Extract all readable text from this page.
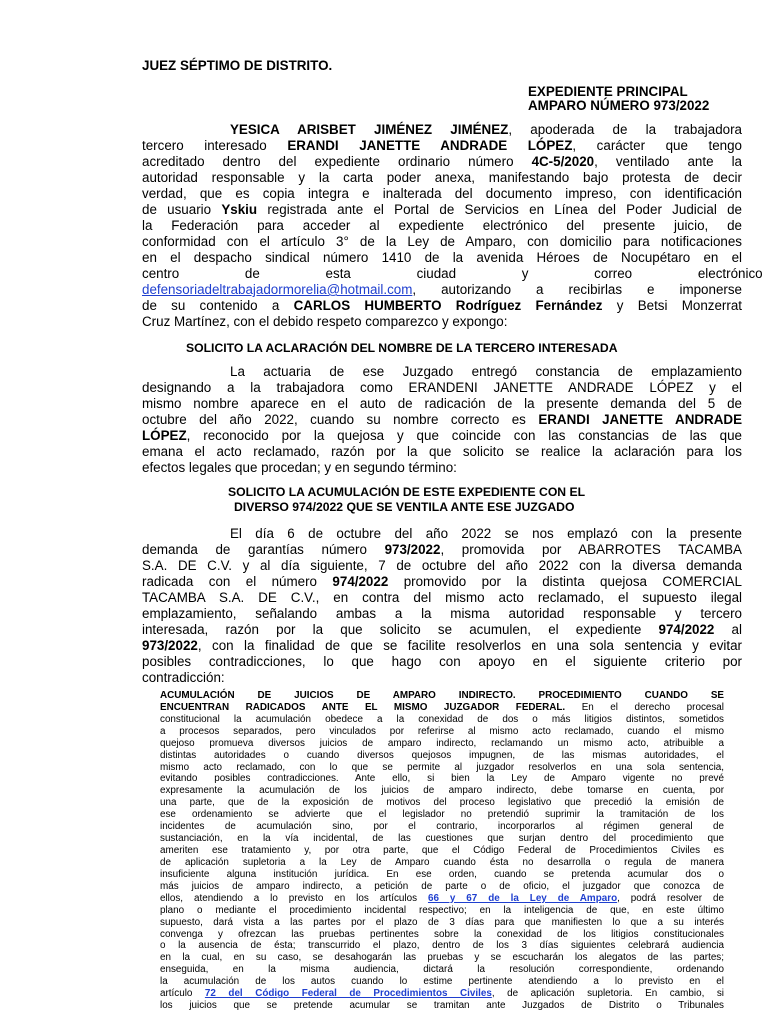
JUEZ SÉPTIMO DE DISTRITO.
EXPEDIENTE PRINCIPAL
AMPARO NÚMERO 973/2022
YESICA ARISBET JIMÉNEZ JIMÉNEZ, apoderada de la trabajadora
tercero interesado ERANDI JANETTE ANDRADE LÓPEZ, carácter que tengo
acreditado dentro del expediente ordinario número 4C-5/2020, ventilado ante la
autoridad responsable y la carta poder anexa, manifestando bajo protesta de decir
verdad, que es copia integra e inalterada del documento impreso, con identificación
de usuario Yskiu registrada ante el Portal de Servicios en Línea del Poder Judicial de
la Federación para acceder al expediente electrónico del presente juicio, de
conformidad con el artículo 3° de la Ley de Amparo, con domicilio para notificaciones
en el despacho sindical número 1410 de la avenida Héroes de Nocupétaro en el
centro de esta ciudad y correo electrónico
defensoriadeltrabajadormorelia@hotmail.com, autorizando a recibirlas e imponerse
de su contenido a CARLOS HUMBERTO Rodríguez Fernández y Betsi Monzerrat
Cruz Martínez, con el debido respeto comparezco y expongo:
SOLICITO LA ACLARACIÓN DEL NOMBRE DE LA TERCERO INTERESADA
La actuaria de ese Juzgado entregó constancia de emplazamiento
designando a la trabajadora como ERANDENI JANETTE ANDRADE LÓPEZ y el
mismo nombre aparece en el auto de radicación de la presente demanda del 5 de
octubre del año 2022, cuando su nombre correcto es ERANDI JANETTE ANDRADE
LÓPEZ, reconocido por la quejosa y que coincide con las constancias de las que
emana el acto reclamado, razón por la que solicito se realice la aclaración para los
efectos legales que procedan; y en segundo término:
SOLICITO LA ACUMULACIÓN DE ESTE EXPEDIENTE CON EL
DIVERSO 974/2022 QUE SE VENTILA ANTE ESE JUZGADO
El día 6 de octubre del año 2022 se nos emplazó con la presente
demanda de garantías número 973/2022, promovida por ABARROTES TACAMBA
S.A. DE C.V. y al día siguiente, 7 de octubre del año 2022 con la diversa demanda
radicada con el número 974/2022 promovido por la distinta quejosa COMERCIAL
TACAMBA S.A. DE C.V., en contra del mismo acto reclamado, el supuesto ilegal
emplazamiento, señalando ambas a la misma autoridad responsable y tercero
interesada, razón por la que solicito se acumulen, el expediente 974/2022 al
973/2022, con la finalidad de que se facilite resolverlos en una sola sentencia y evitar
posibles contradicciones, lo que hago con apoyo en el siguiente criterio por
contradicción:
ACUMULACIÓN DE JUICIOS DE AMPARO INDIRECTO. PROCEDIMIENTO CUANDO SE
ENCUENTRAN RADICADOS ANTE EL MISMO JUZGADOR FEDERAL. En el derecho procesal
constitucional la acumulación obedece a la conexidad de dos o más litigios distintos, sometidos
a procesos separados, pero vinculados por referirse al mismo acto reclamado, cuando el mismo
quejoso promueva diversos juicios de amparo indirecto, reclamando un mismo acto, atribuible a
distintas autoridades o cuando diversos quejosos impugnen, de las mismas autoridades, el
mismo acto reclamado, con lo que se permite al juzgador resolverlos en una sola sentencia,
evitando posibles contradicciones. Ante ello, si bien la Ley de Amparo vigente no prevé
expresamente la acumulación de los juicios de amparo indirecto, debe tomarse en cuenta, por
una parte, que de la exposición de motivos del proceso legislativo que precedió la emisión de
ese ordenamiento se advierte que el legislador no pretendió suprimir la tramitación de los
incidentes de acumulación sino, por el contrario, incorporarlos al régimen general de
sustanciación, en la vía incidental, de las cuestiones que surjan dentro del procedimiento que
ameriten ese tratamiento y, por otra parte, que el Código Federal de Procedimientos Civiles es
de aplicación supletoria a la Ley de Amparo cuando ésta no desarrolla o regula de manera
insuficiente alguna institución jurídica. En ese orden, cuando se pretenda acumular dos o
más juicios de amparo indirecto, a petición de parte o de oficio, el juzgador que conozca de
ellos, atendiendo a lo previsto en los artículos 66 y 67 de la Ley de Amparo, podrá resolver de
plano o mediante el procedimiento incidental respectivo; en la inteligencia de que, en este último
supuesto, dará vista a las partes por el plazo de 3 días para que manifiesten lo que a su interés
convenga y ofrezcan las pruebas pertinentes sobre la conexidad de los litigios constitucionales
o la ausencia de ésta; transcurrido el plazo, dentro de los 3 días siguientes celebrará audiencia
en la cual, en su caso, se desahogarán las pruebas y se escucharán los alegatos de las partes;
enseguida, en la misma audiencia, dictará la resolución correspondiente, ordenando
la acumulación de los autos cuando lo estime pertinente atendiendo a lo previsto en el
artículo 72 del Código Federal de Procedimientos Civiles, de aplicación supletoria. En cambio, si
los juicios que se pretende acumular se tramitan ante Juzgados de Distrito o Tribunales
